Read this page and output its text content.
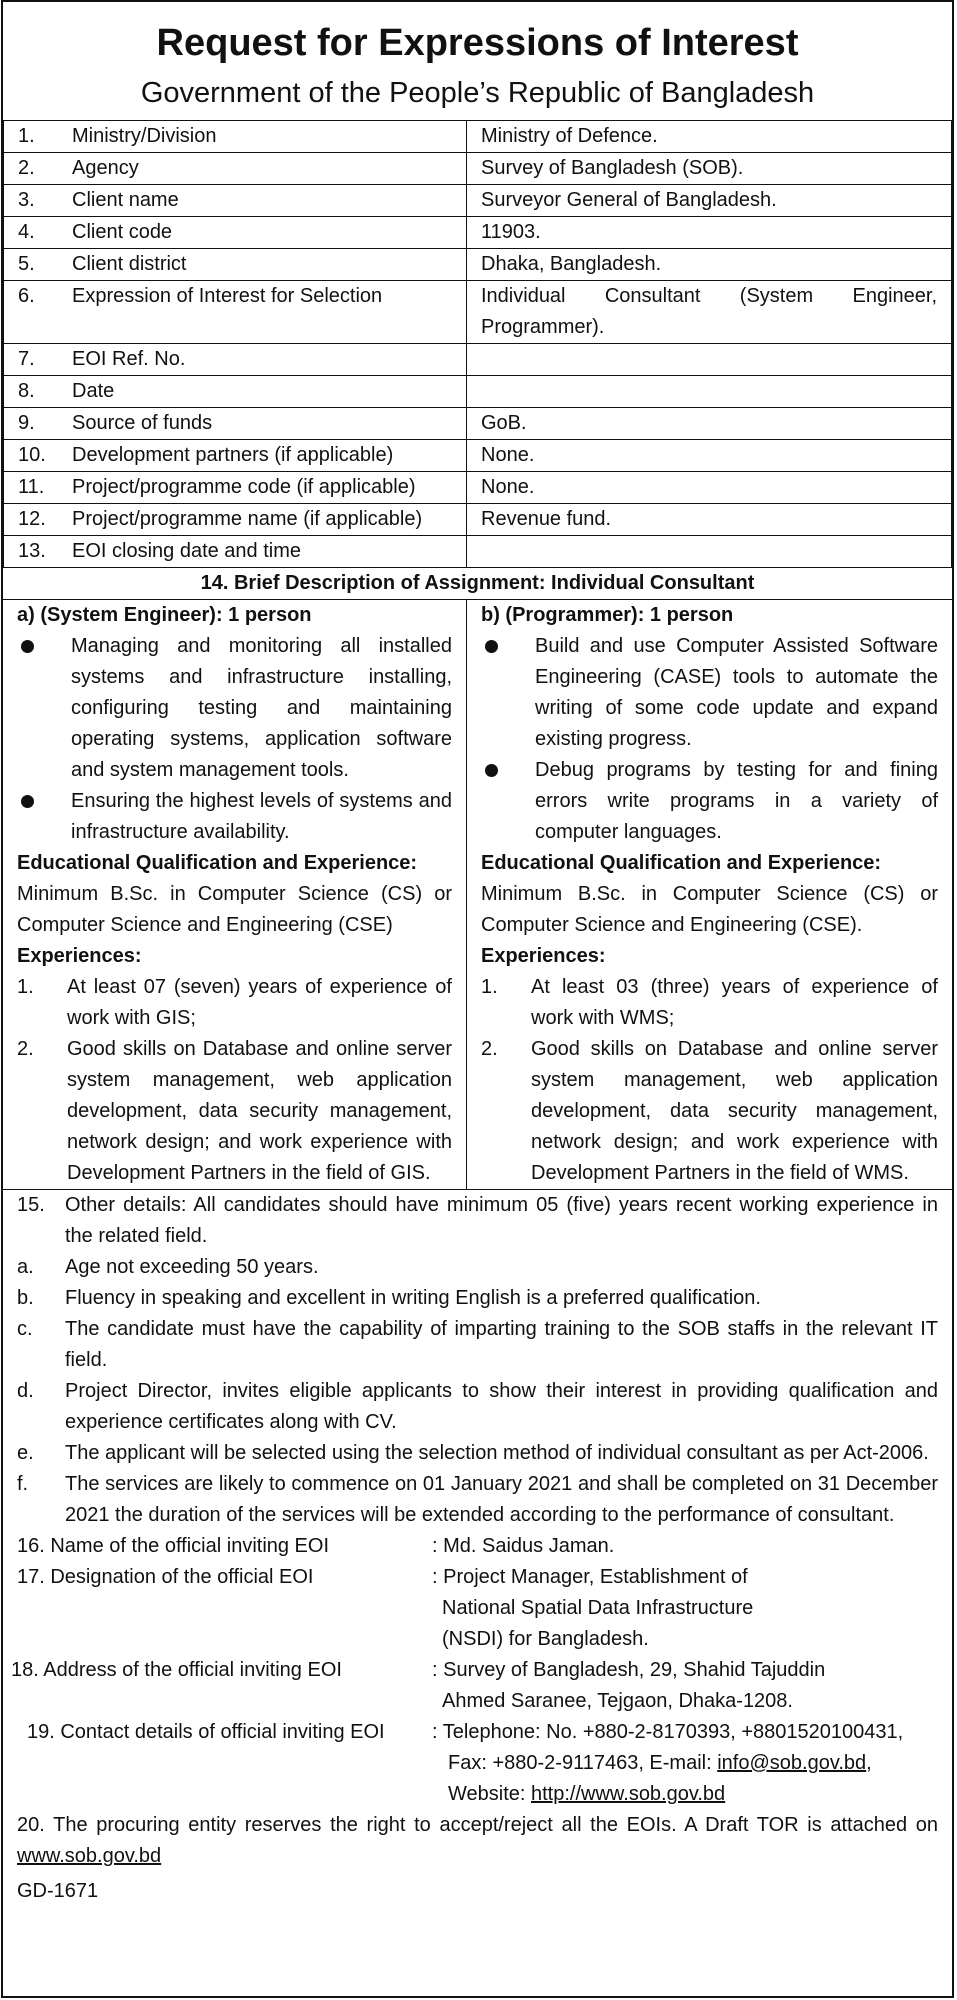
Request for Expressions of Interest
Government of the People’s Republic of Bangladesh
1.	Ministry/Division	Ministry of Defence.
2.	Agency	Survey of Bangladesh (SOB).
3.	Client name	Surveyor General of Bangladesh.
4.	Client code	11903.
5.	Client district	Dhaka, Bangladesh.
6.	Expression of Interest for Selection	Individual Consultant (System Engineer, Programmer).
7.	EOI Ref. No.	
8.	Date	
9.	Source of funds	GoB.
10.	Development partners (if applicable)	None.
11.	Project/programme code (if applicable)	None.
12.	Project/programme name (if applicable)	Revenue fund.
13.	EOI closing date and time	
14. Brief Description of Assignment: Individual Consultant
a) (System Engineer): 1 person
Managing and monitoring all installed systems and infrastructure installing, configuring testing and maintaining operating systems, application software and system management tools.
Ensuring the highest levels of systems and infrastructure availability.
Educational Qualification and Experience:
Minimum B.Sc. in Computer Science (CS) or Computer Science and Engineering (CSE)
Experiences:
1.	At least 07 (seven) years of experience of work with GIS;
2.	Good skills on Database and online server system management, web application development, data security management, network design; and work experience with Development Partners in the field of GIS.
b) (Programmer): 1 person
Build and use Computer Assisted Software Engineering (CASE) tools to automate the writing of some code update and expand existing progress.
Debug programs by testing for and fining errors write programs in a variety of computer languages.
Educational Qualification and Experience:
Minimum B.Sc. in Computer Science (CS) or Computer Science and Engineering (CSE).
Experiences:
1.	At least 03 (three) years of experience of work with WMS;
2.	Good skills on Database and online server system management, web application development, data security management, network design; and work experience with Development Partners in the field of WMS.
15.	Other details: All candidates should have minimum 05 (five) years recent working experience in the related field.
a.	Age not exceeding 50 years.
b.	Fluency in speaking and excellent in writing English is a preferred qualification.
c.	The candidate must have the capability of imparting training to the SOB staffs in the relevant IT field.
d.	Project Director, invites eligible applicants to show their interest in providing qualification and experience certificates along with CV.
e.	The applicant will be selected using the selection method of individual consultant as per Act-2006.
f.	The services are likely to commence on 01 January 2021 and shall be completed on 31 December 2021 the duration of the services will be extended according to the performance of consultant.
16. Name of the official inviting EOI	: Md. Saidus Jaman.
17. Designation of the official EOI	: Project Manager, Establishment of
National Spatial Data Infrastructure
(NSDI) for Bangladesh.
18. Address of the official inviting EOI	: Survey of Bangladesh, 29, Shahid Tajuddin
Ahmed Saranee, Tejgaon, Dhaka-1208.
19. Contact details of official inviting EOI	: Telephone: No. +880-2-8170393, +8801520100431,
Fax: +880-2-9117463, E-mail: info@sob.gov.bd,
Website: http://www.sob.gov.bd
20. The procuring entity reserves the right to accept/reject all the EOIs. A Draft TOR is attached on www.sob.gov.bd
GD-1671
